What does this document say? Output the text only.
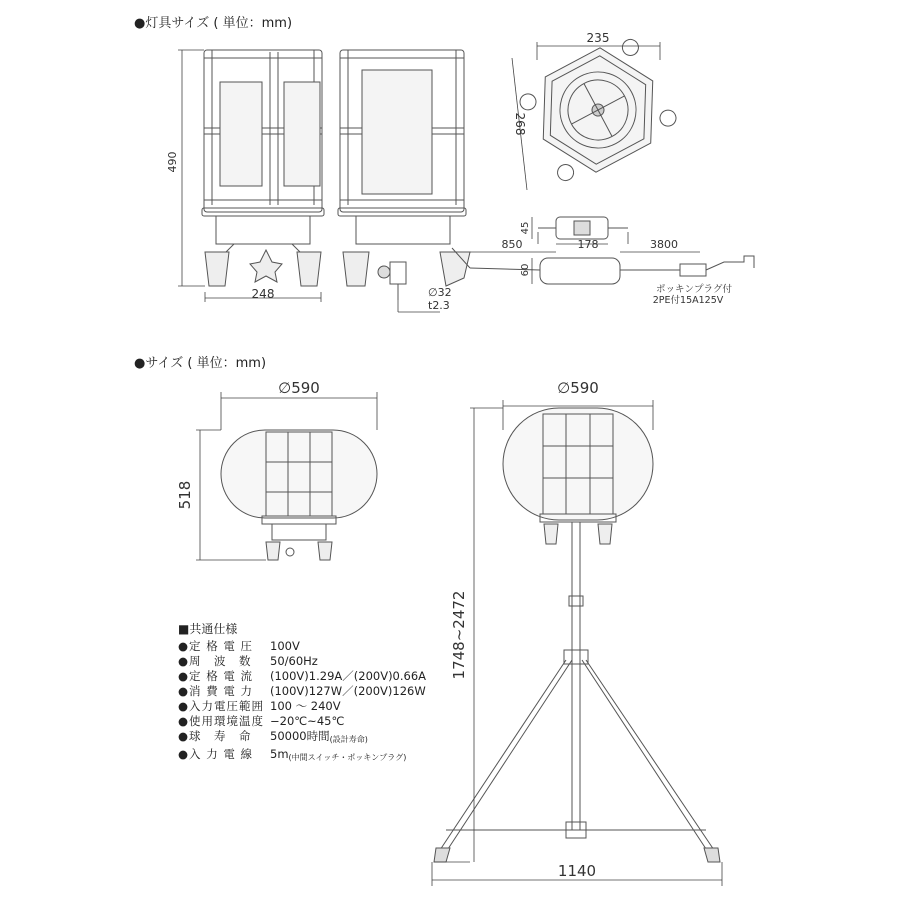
●灯具サイズ ( 単位：mm)
●サイズ ( 単位：mm)
490
248	∅32
t2.3
235
268
45
178
850	3800
60
ポッキンプラグ付
2PE付15A125V
∅590
518
∅590
1748~2472
1140
■共通仕様
●定 格 電 圧	100V
●周　波　数	50/60Hz
●定 格 電 流	(100V)1.29A／(200V)0.66A
●消 費 電 力	(100V)127W／(200V)126W
●入力電圧範囲 100 ～ 240V
●使用環境温度 −20℃~45℃
●球　寿　命	50000時間 (設計寿命)
●入 力 電 線	5m (中間スイッチ・ポッキンプラグ)
